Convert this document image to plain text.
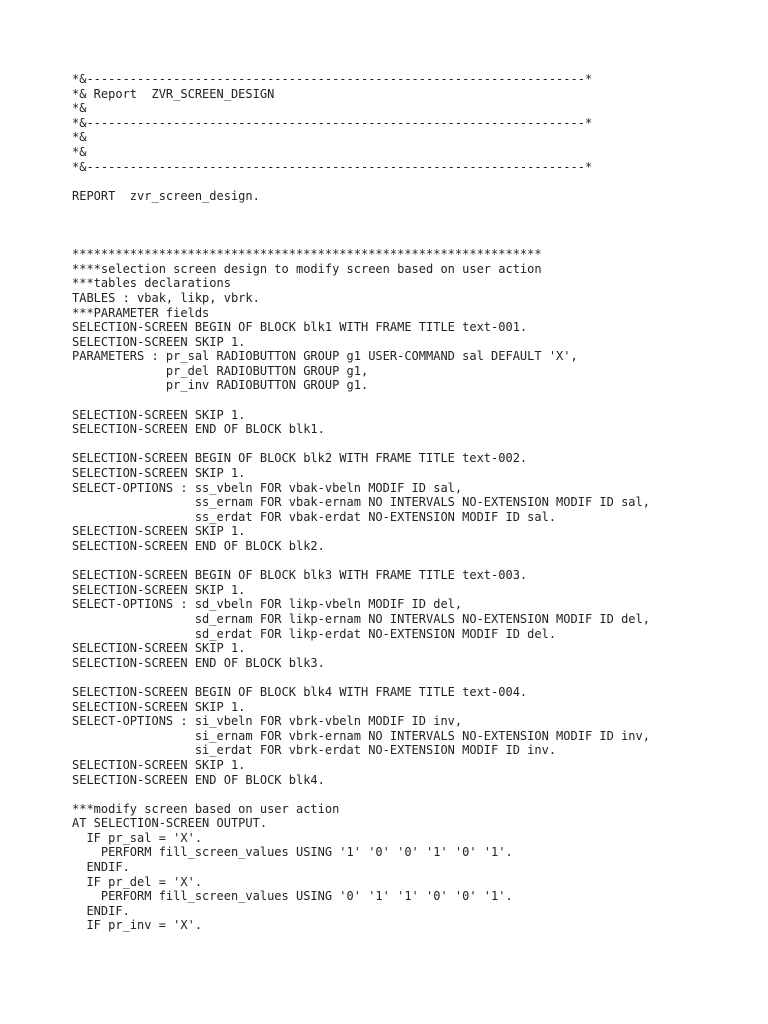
*&---------------------------------------------------------------------*
*& Report  ZVR_SCREEN_DESIGN
*&
*&---------------------------------------------------------------------*
*&
*&
*&---------------------------------------------------------------------*
REPORT  zvr_screen_design.
*****************************************************************
****selection screen design to modify screen based on user action
***tables declarations
TABLES : vbak, likp, vbrk.
***PARAMETER fields
SELECTION-SCREEN BEGIN OF BLOCK blk1 WITH FRAME TITLE text-001.
SELECTION-SCREEN SKIP 1.
PARAMETERS : pr_sal RADIOBUTTON GROUP g1 USER-COMMAND sal DEFAULT 'X',
pr_del RADIOBUTTON GROUP g1,
pr_inv RADIOBUTTON GROUP g1.
SELECTION-SCREEN SKIP 1.
SELECTION-SCREEN END OF BLOCK blk1.
SELECTION-SCREEN BEGIN OF BLOCK blk2 WITH FRAME TITLE text-002.
SELECTION-SCREEN SKIP 1.
SELECT-OPTIONS : ss_vbeln FOR vbak-vbeln MODIF ID sal,
ss_ernam FOR vbak-ernam NO INTERVALS NO-EXTENSION MODIF ID sal,
ss_erdat FOR vbak-erdat NO-EXTENSION MODIF ID sal.
SELECTION-SCREEN SKIP 1.
SELECTION-SCREEN END OF BLOCK blk2.
SELECTION-SCREEN BEGIN OF BLOCK blk3 WITH FRAME TITLE text-003.
SELECTION-SCREEN SKIP 1.
SELECT-OPTIONS : sd_vbeln FOR likp-vbeln MODIF ID del,
sd_ernam FOR likp-ernam NO INTERVALS NO-EXTENSION MODIF ID del,
sd_erdat FOR likp-erdat NO-EXTENSION MODIF ID del.
SELECTION-SCREEN SKIP 1.
SELECTION-SCREEN END OF BLOCK blk3.
SELECTION-SCREEN BEGIN OF BLOCK blk4 WITH FRAME TITLE text-004.
SELECTION-SCREEN SKIP 1.
SELECT-OPTIONS : si_vbeln FOR vbrk-vbeln MODIF ID inv,
si_ernam FOR vbrk-ernam NO INTERVALS NO-EXTENSION MODIF ID inv,
si_erdat FOR vbrk-erdat NO-EXTENSION MODIF ID inv.
SELECTION-SCREEN SKIP 1.
SELECTION-SCREEN END OF BLOCK blk4.
***modify screen based on user action
AT SELECTION-SCREEN OUTPUT.
IF pr_sal = 'X'.
PERFORM fill_screen_values USING '1' '0' '0' '1' '0' '1'.
ENDIF.
IF pr_del = 'X'.
PERFORM fill_screen_values USING '0' '1' '1' '0' '0' '1'.
ENDIF.
IF pr_inv = 'X'.
